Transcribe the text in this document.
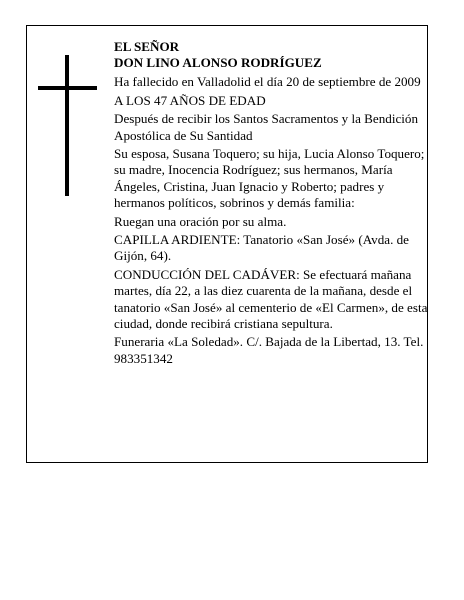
EL SEÑOR

DON LINO ALONSO RODRÍGUEZ

Ha fallecido en Valladolid el día 20 de septiembre de 2009

A LOS 47 AÑOS DE EDAD

Después de recibir los Santos Sacramentos y la Bendición Apostólica de Su Santidad

Su esposa, Susana Toquero; su hija, Lucia Alonso Toquero; su madre, Inocencia Rodríguez; sus hermanos, María Ángeles, Cristina, Juan Ignacio y Roberto; padres y hermanos políticos, sobrinos y demás familia:

Ruegan una oración por su alma.

CAPILLA ARDIENTE: Tanatorio «San José» (Avda. de Gijón, 64).

CONDUCCIÓN DEL CADÁVER: Se efectuará mañana martes, día 22, a las diez cuarenta de la mañana, desde el tanatorio «San José» al cementerio de «El Carmen», de esta ciudad, donde recibirá cristiana sepultura.

Funeraria «La Soledad». C/. Bajada de la Libertad, 13. Tel. 983351342
